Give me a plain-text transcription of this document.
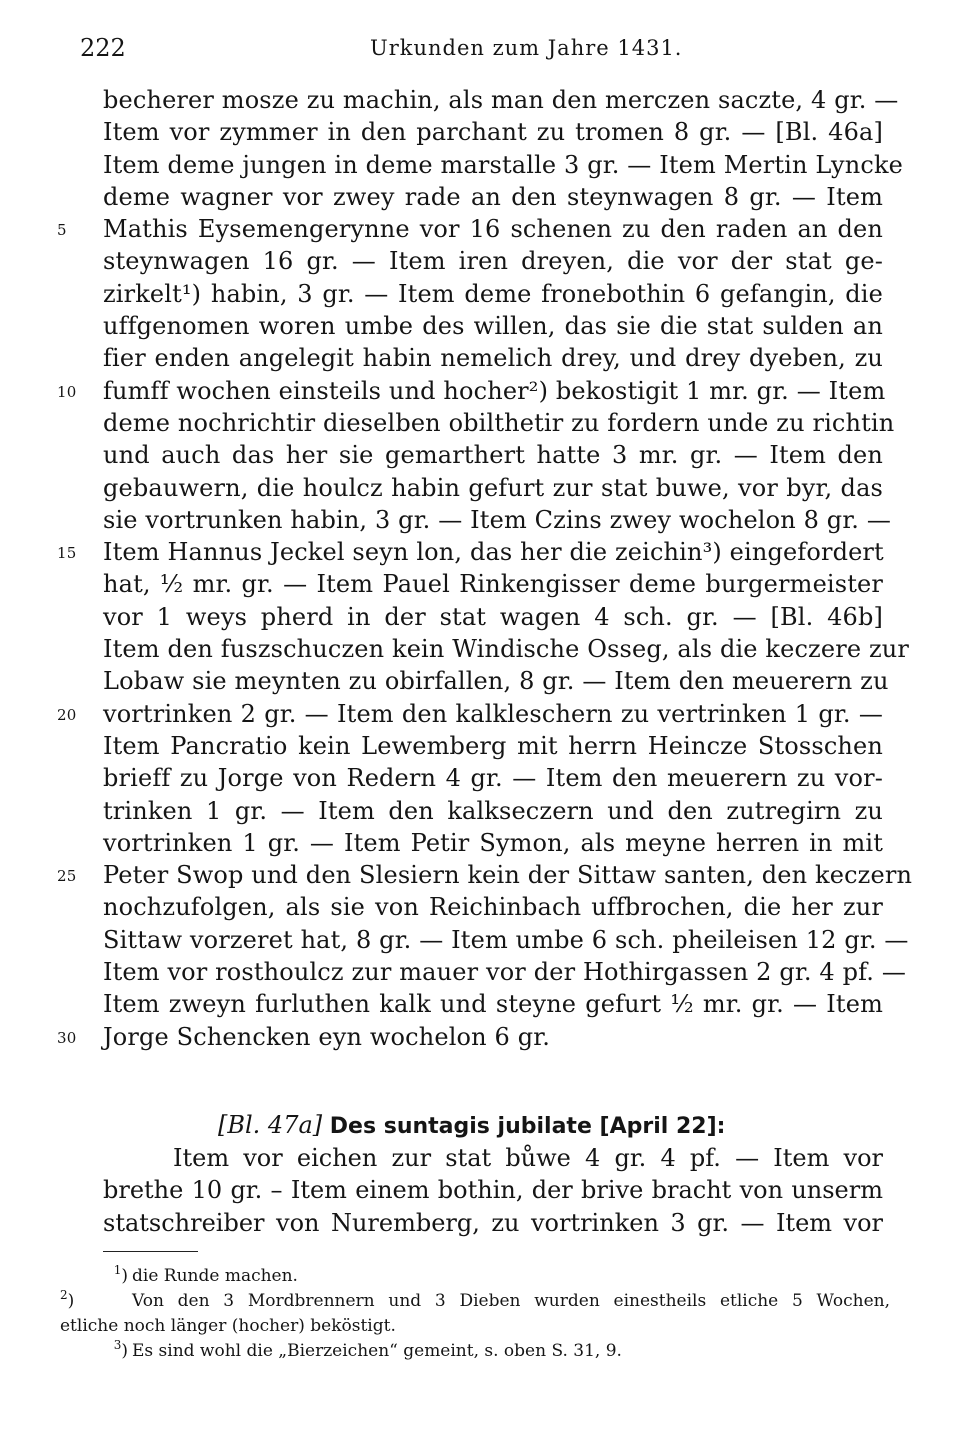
222	Urkunden zum Jahre 1431.
becherer mosze zu machin, als man den merczen saczte, 4 gr. —
Item vor zymmer in den parchant zu tromen 8 gr. — [Bl. 46a]
Item deme jungen in deme marstalle 3 gr. — Item Mertin Lyncke
deme wagner vor zwey rade an den steynwagen 8 gr. — Item
Mathis Eysemengerynne vor 16 schenen zu den raden an den
5
steynwagen 16 gr. — Item iren dreyen, die vor der stat ge-
zirkelt¹) habin, 3 gr. — Item deme fronebothin 6 gefangin, die
uffgenomen woren umbe des willen, das sie die stat sulden an
fier enden angelegit habin nemelich drey, und drey dyeben, zu
fumff wochen einsteils und hocher²) bekostigit 1 mr. gr. — Item
10
deme nochrichtir dieselben obilthetir zu fordern unde zu richtin
und auch das her sie gemarthert hatte 3 mr. gr. — Item den
gebauwern, die houlcz habin gefurt zur stat buwe, vor byr, das
sie vortrunken habin, 3 gr. — Item Czins zwey wochelon 8 gr. —
Item Hannus Jeckel seyn lon, das her die zeichin³) eingefordert
15
hat, ½ mr. gr. — Item Pauel Rinkengisser deme burgermeister
vor 1 weys pherd in der stat wagen 4 sch. gr. — [Bl. 46b]
Item den fuszschuczen kein Windische Osseg, als die keczere zur
Lobaw sie meynten zu obirfallen, 8 gr. — Item den meuerern zu
vortrinken 2 gr. — Item den kalkleschern zu vertrinken 1 gr. —
20
Item Pancratio kein Lewemberg mit herrn Heincze Stosschen
brieff zu Jorge von Redern 4 gr. — Item den meuerern zu vor-
trinken 1 gr. — Item den kalkseczern und den zutregirn zu
vortrinken 1 gr. — Item Petir Symon, als meyne herren in mit
Peter Swop und den Slesiern kein der Sittaw santen, den keczern
25
nochzufolgen, als sie von Reichinbach uffbrochen, die her zur
Sittaw vorzeret hat, 8 gr. — Item umbe 6 sch. pheileisen 12 gr. —
Item vor rosthoulcz zur mauer vor der Hothirgassen 2 gr. 4 pf. —
Item zweyn furluthen kalk und steyne gefurt ½ mr. gr. — Item
Jorge Schencken eyn wochelon 6 gr.
30
[Bl. 47a] Des suntagis jubilate [April 22]:
Item vor eichen zur stat bůwe 4 gr. 4 pf. — Item vor
brethe 10 gr. – Item einem bothin, der brive bracht von unserm
statschreiber von Nuremberg, zu vortrinken 3 gr. — Item vor
$^1$) die Runde machen.
$^2$)	Von den 3 Mordbrennern und 3 Dieben wurden einestheils etliche 5 Wochen,
etliche noch länger (hocher) beköstigt.
$^3$) Es sind wohl die „Bierzeichen“ gemeint, s. oben S. 31, 9.
